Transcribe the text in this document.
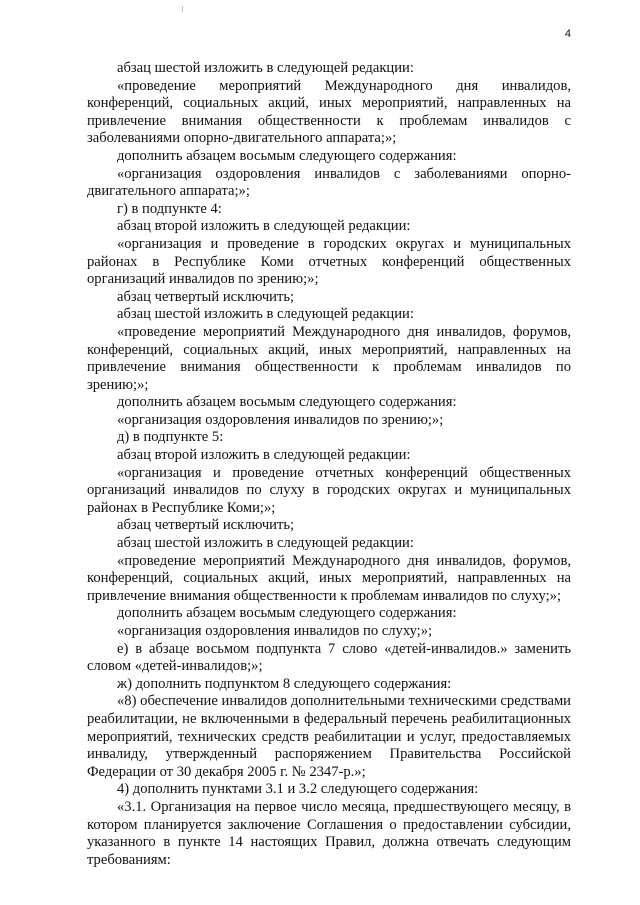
4

абзац шестой изложить в следующей редакции:

«проведение мероприятий Международного дня инвалидов, конференций, социальных акций, иных мероприятий, направленных на привлечение внимания общественности к проблемам инвалидов с заболеваниями опорно-двигательного аппарата;»;

дополнить абзацем восьмым следующего содержания:

«организация оздоровления инвалидов с заболеваниями опорно-двигательного аппарата;»;

г) в подпункте 4:

абзац второй изложить в следующей редакции:

«организация и проведение в городских округах и муниципальных районах в Республике Коми отчетных конференций общественных организаций инвалидов по зрению;»;

абзац четвертый исключить;

абзац шестой изложить в следующей редакции:

«проведение мероприятий Международного дня инвалидов, форумов, конференций, социальных акций, иных мероприятий, направленных на привлечение внимания общественности к проблемам инвалидов по зрению;»;

дополнить абзацем восьмым следующего содержания:

«организация оздоровления инвалидов по зрению;»;

д) в подпункте 5:

абзац второй изложить в следующей редакции:

«организация и проведение отчетных конференций общественных организаций инвалидов по слуху в городских округах и муниципальных районах в Республике Коми;»;

абзац четвертый исключить;

абзац шестой изложить в следующей редакции:

«проведение мероприятий Международного дня инвалидов, форумов, конференций, социальных акций, иных мероприятий, направленных на привлечение внимания общественности к проблемам инвалидов по слуху;»;

дополнить абзацем восьмым следующего содержания:

«организация оздоровления инвалидов по слуху;»;

е) в абзаце восьмом подпункта 7 слово «детей-инвалидов.» заменить словом «детей-инвалидов;»;

ж) дополнить подпунктом 8 следующего содержания:

«8) обеспечение инвалидов дополнительными техническими средствами реабилитации, не включенными в федеральный перечень реабилитационных мероприятий, технических средств реабилитации и услуг, предоставляемых инвалиду, утвержденный распоряжением Правительства Российской Федерации от 30 декабря 2005 г. № 2347-р.»;

4) дополнить пунктами 3.1 и 3.2 следующего содержания:

«3.1. Организация на первое число месяца, предшествующего месяцу, в котором планируется заключение Соглашения о предоставлении субсидии, указанного в пункте 14 настоящих Правил, должна отвечать следующим требованиям:
